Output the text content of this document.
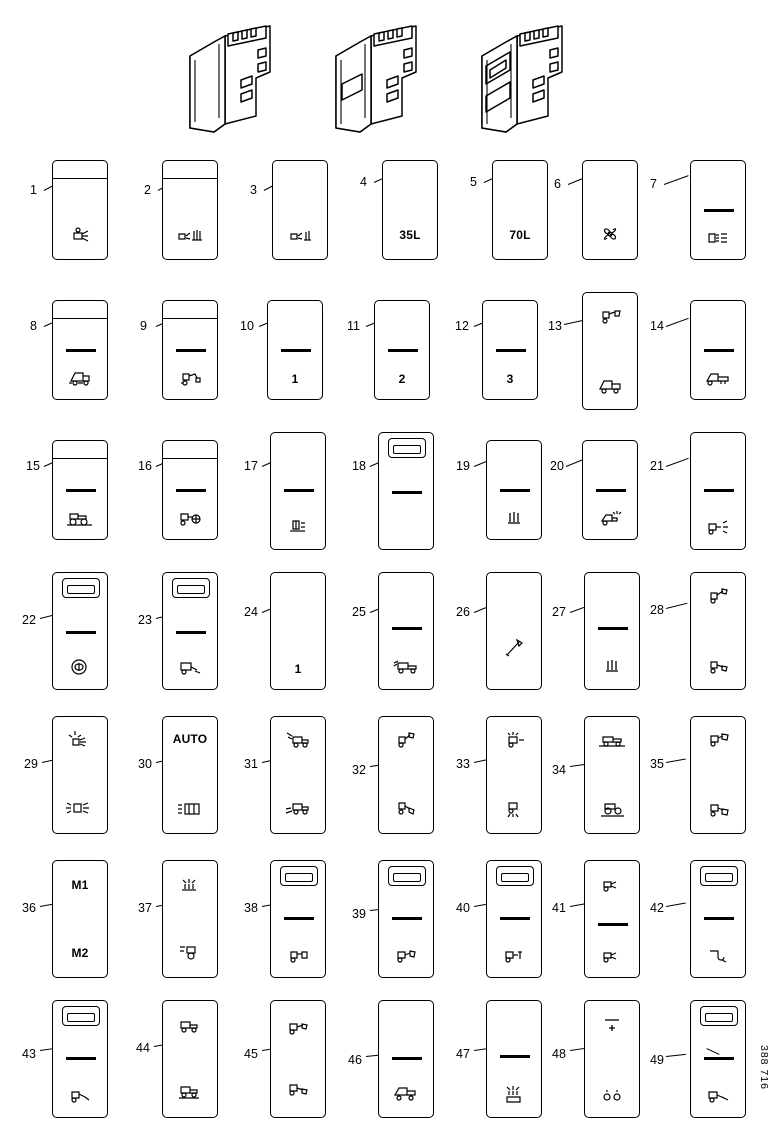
1	2	3
4
35L
5
70L
6	7
8	9	10
1
11
2
12
3
13	14
15	16	17	18	19	20	21
22	23
24
1
25	26	27	28
29	30
AUTO
31	32	33	34	35
36
M1
M2
37	38	39	40	41	42
43	44	45	46	47	48	49	388 716
